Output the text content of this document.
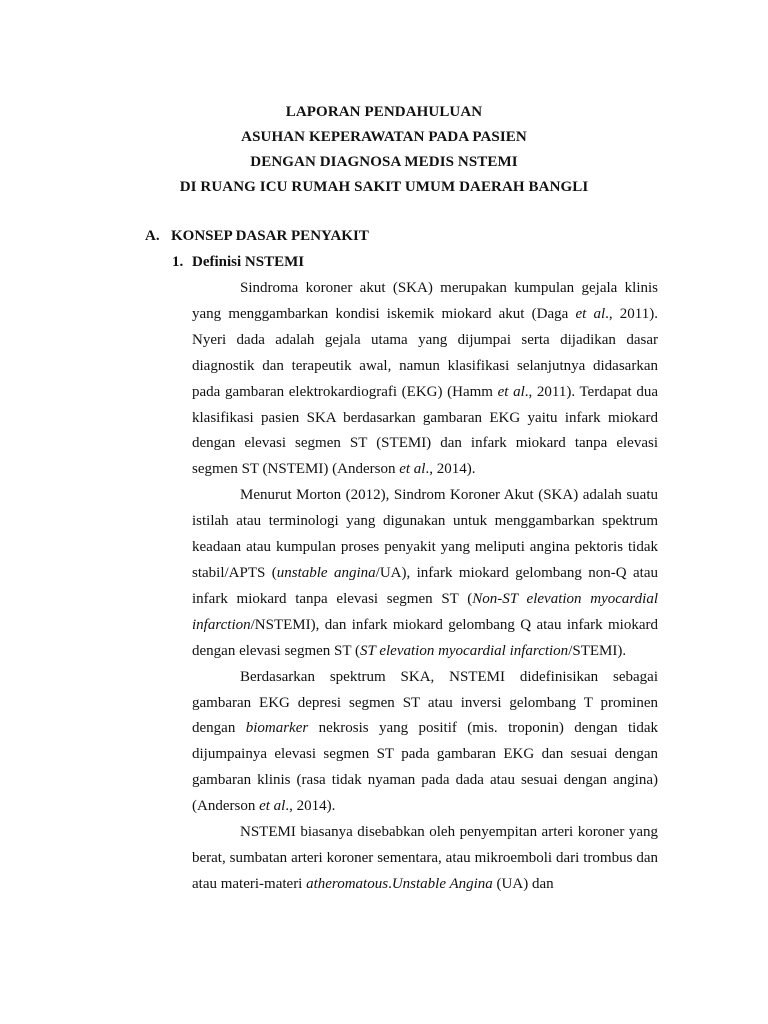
LAPORAN PENDAHULUAN
ASUHAN KEPERAWATAN PADA PASIEN
DENGAN DIAGNOSA MEDIS NSTEMI
DI RUANG ICU RUMAH SAKIT UMUM DAERAH BANGLI
A. KONSEP DASAR PENYAKIT
1. Definisi NSTEMI

Sindroma koroner akut (SKA) merupakan kumpulan gejala klinis yang menggambarkan kondisi iskemik miokard akut (Daga et al., 2011). Nyeri dada adalah gejala utama yang dijumpai serta dijadikan dasar diagnostik dan terapeutik awal, namun klasifikasi selanjutnya didasarkan pada gambaran elektrokardiografi (EKG) (Hamm et al., 2011). Terdapat dua klasifikasi pasien SKA berdasarkan gambaran EKG yaitu infark miokard dengan elevasi segmen ST (STEMI) dan infark miokard tanpa elevasi segmen ST (NSTEMI) (Anderson et al., 2014).

Menurut Morton (2012), Sindrom Koroner Akut (SKA) adalah suatu istilah atau terminologi yang digunakan untuk menggambarkan spektrum keadaan atau kumpulan proses penyakit yang meliputi angina pektoris tidak stabil/APTS (unstable angina/UA), infark miokard gelombang non-Q atau infark miokard tanpa elevasi segmen ST (Non-ST elevation myocardial infarction/NSTEMI), dan infark miokard gelombang Q atau infark miokard dengan elevasi segmen ST (ST elevation myocardial infarction/STEMI).

Berdasarkan spektrum SKA, NSTEMI didefinisikan sebagai gambaran EKG depresi segmen ST atau inversi gelombang T prominen dengan biomarker nekrosis yang positif (mis. troponin) dengan tidak dijumpainya elevasi segmen ST pada gambaran EKG dan sesuai dengan gambaran klinis (rasa tidak nyaman pada dada atau sesuai dengan angina) (Anderson et al., 2014).

NSTEMI biasanya disebabkan oleh penyempitan arteri koroner yang berat, sumbatan arteri koroner sementara, atau mikroemboli dari trombus dan atau materi-materi atheromatous.Unstable Angina (UA) dan
